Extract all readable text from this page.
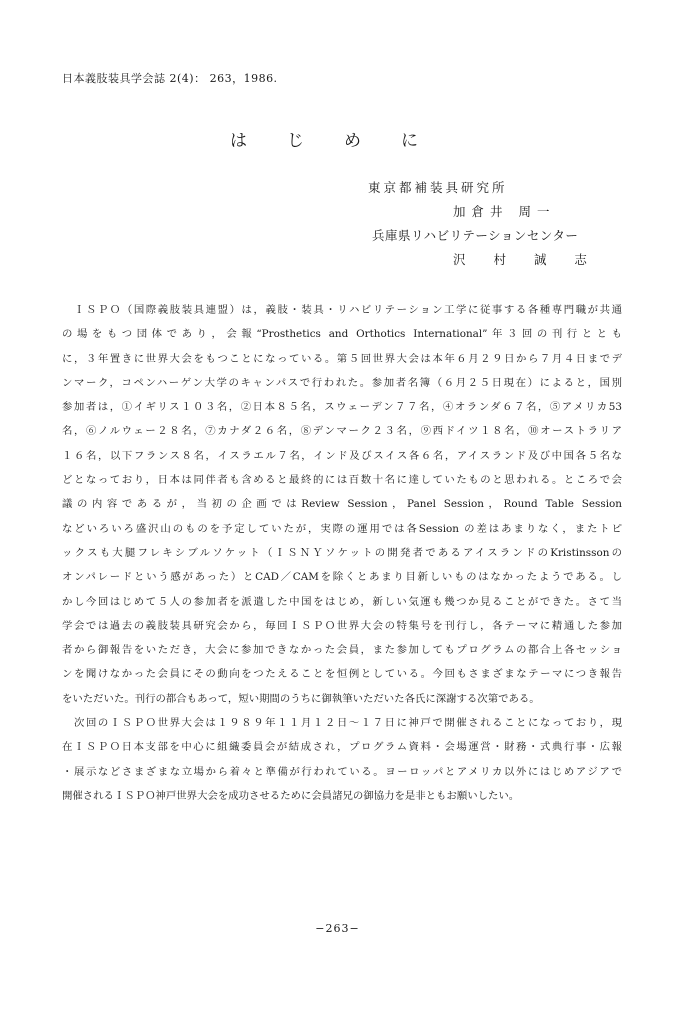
日本義肢装具学会誌 2(4)： 263，1986.
はじめに
東京都補装具研究所
加倉井 周一
兵庫県リハビリテーションセンター
沢 村 誠 志
ＩＳＰＯ（国際義肢装具連盟）は，義肢・装具・リハビリテーション工学に従事する各種専門職が共通
の場をもつ団体であり，会報“Prosthetics and Orthotics International”年３回の刊行ととも
に，３年置きに世界大会をもつことになっている。第５回世界大会は本年６月２９日から７月４日までデ
ンマーク，コペンハーゲン大学のキャンパスで行われた。参加者名簿（６月２５日現在）によると，国別
参加者は，①イギリス１０３名，②日本８５名，スウェーデン７７名，④オランダ６７名，⑤アメリカ53
名，⑥ノルウェー２８名，⑦カナダ２６名，⑧デンマーク２３名，⑨西ドイツ１８名，⑩オーストラリア
１６名，以下フランス８名，イスラエル７名，インド及びスイス各６名，アイスランド及び中国各５名な
どとなっており，日本は同伴者も含めると最終的には百数十名に達していたものと思われる。ところで会
議の内容であるが，当初の企画ではReview Session，Panel Session，Round Table Session
などいろいろ盛沢山のものを予定していたが，実際の運用では各Session の差はあまりなく，またトピ
ックスも大腿フレキシブルソケット（ＩＳＮＹソケットの開発者であるアイスランドのKristinssonの
オンパレードという感があった）とCAD／CAMを除くとあまり目新しいものはなかったようである。し
かし今回はじめて５人の参加者を派遣した中国をはじめ，新しい気運も幾つか見ることができた。さて当
学会では過去の義肢装具研究会から，毎回ＩＳＰＯ世界大会の特集号を刊行し，各テーマに精通した参加
者から御報告をいただき，大会に参加できなかった会員，また参加してもプログラムの都合上各セッショ
ンを聞けなかった会員にその動向をつたえることを恒例としている。今回もさまざまなテーマにつき報告
をいただいた。刊行の都合もあって，短い期間のうちに御執筆いただいた各氏に深謝する次第である。
次回のＩＳＰＯ世界大会は１９８９年１１月１２日～１７日に神戸で開催されることになっており，現
在ＩＳＰＯ日本支部を中心に組織委員会が結成され，プログラム資料・会場運営・財務・式典行事・広報
・展示などさまざまな立場から着々と準備が行われている。ヨーロッパとアメリカ以外にはじめアジアで
開催されるＩＳＰＯ神戸世界大会を成功させるために会員諸兄の御協力を是非ともお願いしたい。
−263−
